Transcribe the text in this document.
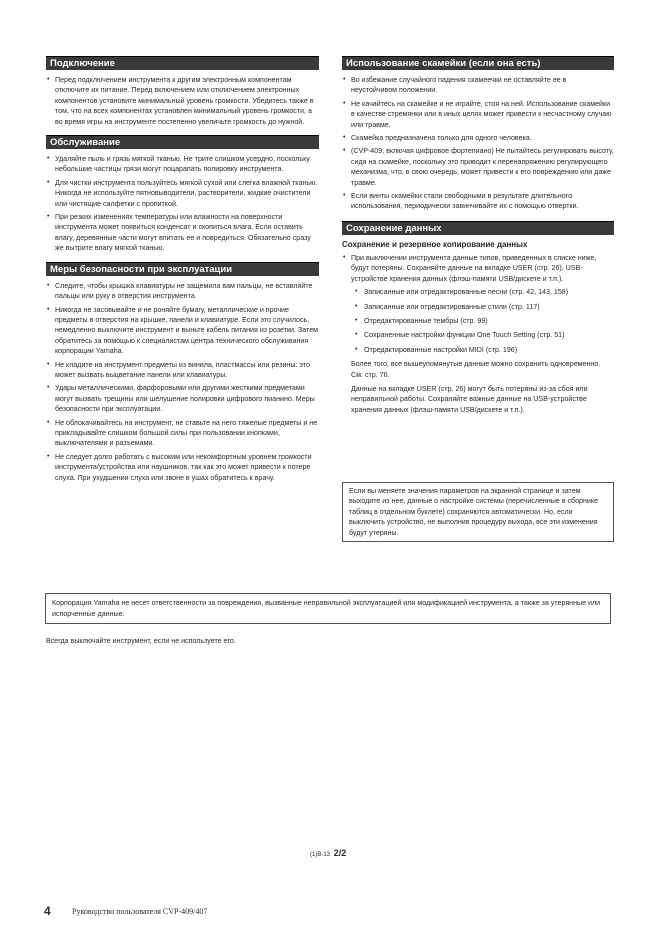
Подключение
• Перед подключением инструмента к другим электронным компонентам отключите их питание. Перед включением или отключением электронных компонентов установите минимальный уровень громкости. Убедитесь также в том, что на всех компонентах установлен минимальный уровень громкости, а во время игры на инструменте постепенно увеличьте громкость до нужной.
Обслуживание
• Удаляйте пыль и грязь мягкой тканью. Не трите слишком усердно, поскольку небольшие частицы грязи могут поцарапать полировку инструмента.
• Для чистки инструмента пользуйтесь мягкой сухой или слегка влажной тканью. Никогда не используйте пятновыводители, растворители, жидкие очистители или чистящие салфетки с пропиткой.
• При резких изменениях температуры или влажности на поверхности инструмента может появиться конденсат и скопиться влага. Если оставить влагу, деревянные части могут впитать ее и повредиться. Обязательно сразу же вытрите влагу мягкой тканью.
Меры безопасности при эксплуатации
• Следите, чтобы крышка клавиатуры не защемила вам пальцы, не вставляйте пальцы или руку в отверстия инструмента.
• Никогда не засовывайте и не роняйте бумагу, металлические и прочие предметы в отверстия на крышке, панели и клавиатуре. Если это случилось, немедленно выключите инструмент и выньте кабель питания из розетки. Затем обратитесь за помощью к специалистам центра технического обслуживания корпорации Yamaha.
• Не кладите на инструмент предметы из винила, пластмассы или резины: это может вызвать выцветание панели или клавиатуры.
• Удары металлическими, фарфоровыми или другими жесткими предметами могут вызвать трещины или шелушение полировки цифрового пианино. Меры безопасности при эксплуатации.
• Не облокачивайтесь на инструмент, не ставьте на него тяжелые предметы и не прикладывайте слишком большой силы при пользовании кнопками, выключателями и разъемами.
• Не следует долго работать с высоким или некомфортным уровнем громкости инструмента/устройства или наушников, так как это может привести к потере слуха. При ухудшении слуха или звоне в ушах обратитесь к врачу.
Использование скамейки (если она есть)
• Во избежание случайного падения скамеечки не оставляйте ее в неустойчивом положении.
• Не качайтесь на скамейке и не играйте, стоя на ней. Использование скамейки в качестве стремянки или в иных целях может привести к несчастному случаю или травме.
• Скамейка предназначена только для одного человека.
• (CVP-409, включая цифровое фортепиано) Не пытайтесь регулировать высоту, сидя на скамейке, поскольку это приводит к перенапряжению регулирующего механизма, что, в свою очередь, может привести к его повреждению или даже травме.
• Если винты скамейки стали свободными в результате длительного использования, периодически завинчивайте их с помощью отвертки.
Сохранение данных
Сохранение и резервное копирование данных
• При выключении инструмента данные типов, приведенных в списке ниже, будут потеряны. Сохраняйте данные на вкладке USER (стр. 26), USB-устройстве хранения данных (флэш-памяти USB/дискете и т.п.).
• Записанные или отредактированные песни (стр. 42, 143, 158)
• Записанные или отредактированные стили (стр. 117)
• Отредактированные тембры (стр. 99)
• Сохраненные настройки функции One Touch Setting (стр. 51)
• Отредактированные настройки MIDI (стр. 196)
Более того, все вышеупомянутые данные можно сохранить одновременно. См. стр. 76.
Данные на вкладке USER (стр. 26) могут быть потеряны из-за сбоя или неправильной работы. Сохраняйте важные данные на USB-устройстве хранения данных (флэш-памяти USB/дискете и т.п.).
Если вы меняете значения параметров на экранной странице и затем выходите из нее, данные о настройке системы (перечисленные в сборнике таблиц в отдельном буклете) сохраняются автоматически. Но, если выключить устройство, не выполнив процедуру выхода, все эти изменения будут утеряны.
Корпорация Yamaha не несет ответственности за повреждения, вызванные неправильной эксплуатацией или модификацией инструмента, а также за утерянные или испорченные данные.
Всегда выключайте инструмент, если не используете его.
(1)B-13 2/2
4	Руководство пользователя CVP-409/407
